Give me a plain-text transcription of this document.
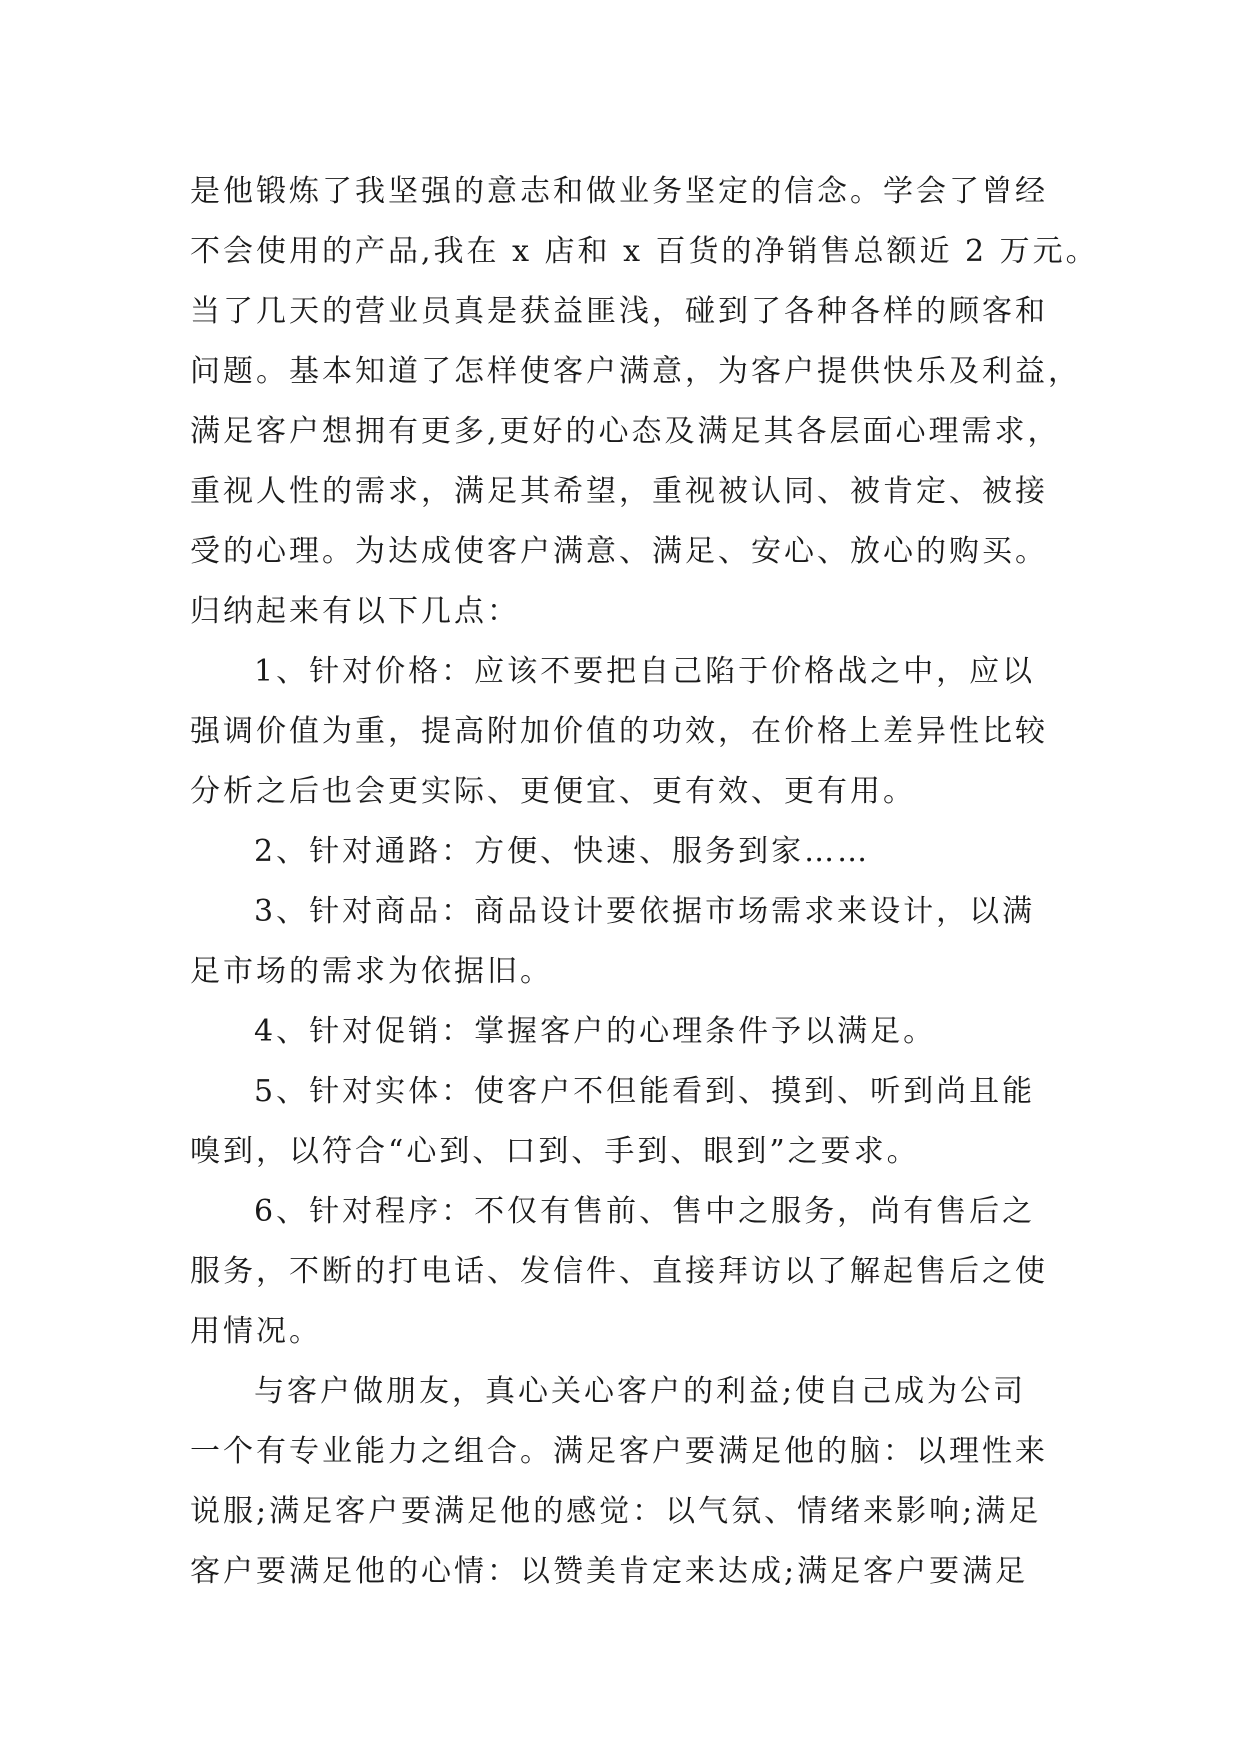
是他锻炼了我坚强的意志和做业务坚定的信念。学会了曾经
不会使用的产品,我在 x 店和 x 百货的净销售总额近 2 万元。
当了几天的营业员真是获益匪浅，碰到了各种各样的顾客和
问题。基本知道了怎样使客户满意，为客户提供快乐及利益，
满足客户想拥有更多,更好的心态及满足其各层面心理需求，
重视人性的需求，满足其希望，重视被认同、被肯定、被接
受的心理。为达成使客户满意、满足、安心、放心的购买。
归纳起来有以下几点：
1、针对价格：应该不要把自己陷于价格战之中，应以
强调价值为重，提高附加价值的功效，在价格上差异性比较
分析之后也会更实际、更便宜、更有效、更有用。
2、针对通路：方便、快速、服务到家……
3、针对商品：商品设计要依据市场需求来设计，以满
足市场的需求为依据旧。
4、针对促销：掌握客户的心理条件予以满足。
5、针对实体：使客户不但能看到、摸到、听到尚且能
嗅到，以符合“心到、口到、手到、眼到”之要求。
6、针对程序：不仅有售前、售中之服务，尚有售后之
服务，不断的打电话、发信件、直接拜访以了解起售后之使
用情况。
与客户做朋友，真心关心客户的利益;使自己成为公司
一个有专业能力之组合。满足客户要满足他的脑：以理性来
说服;满足客户要满足他的感觉：以气氛、情绪来影响;满足
客户要满足他的心情：以赞美肯定来达成;满足客户要满足
